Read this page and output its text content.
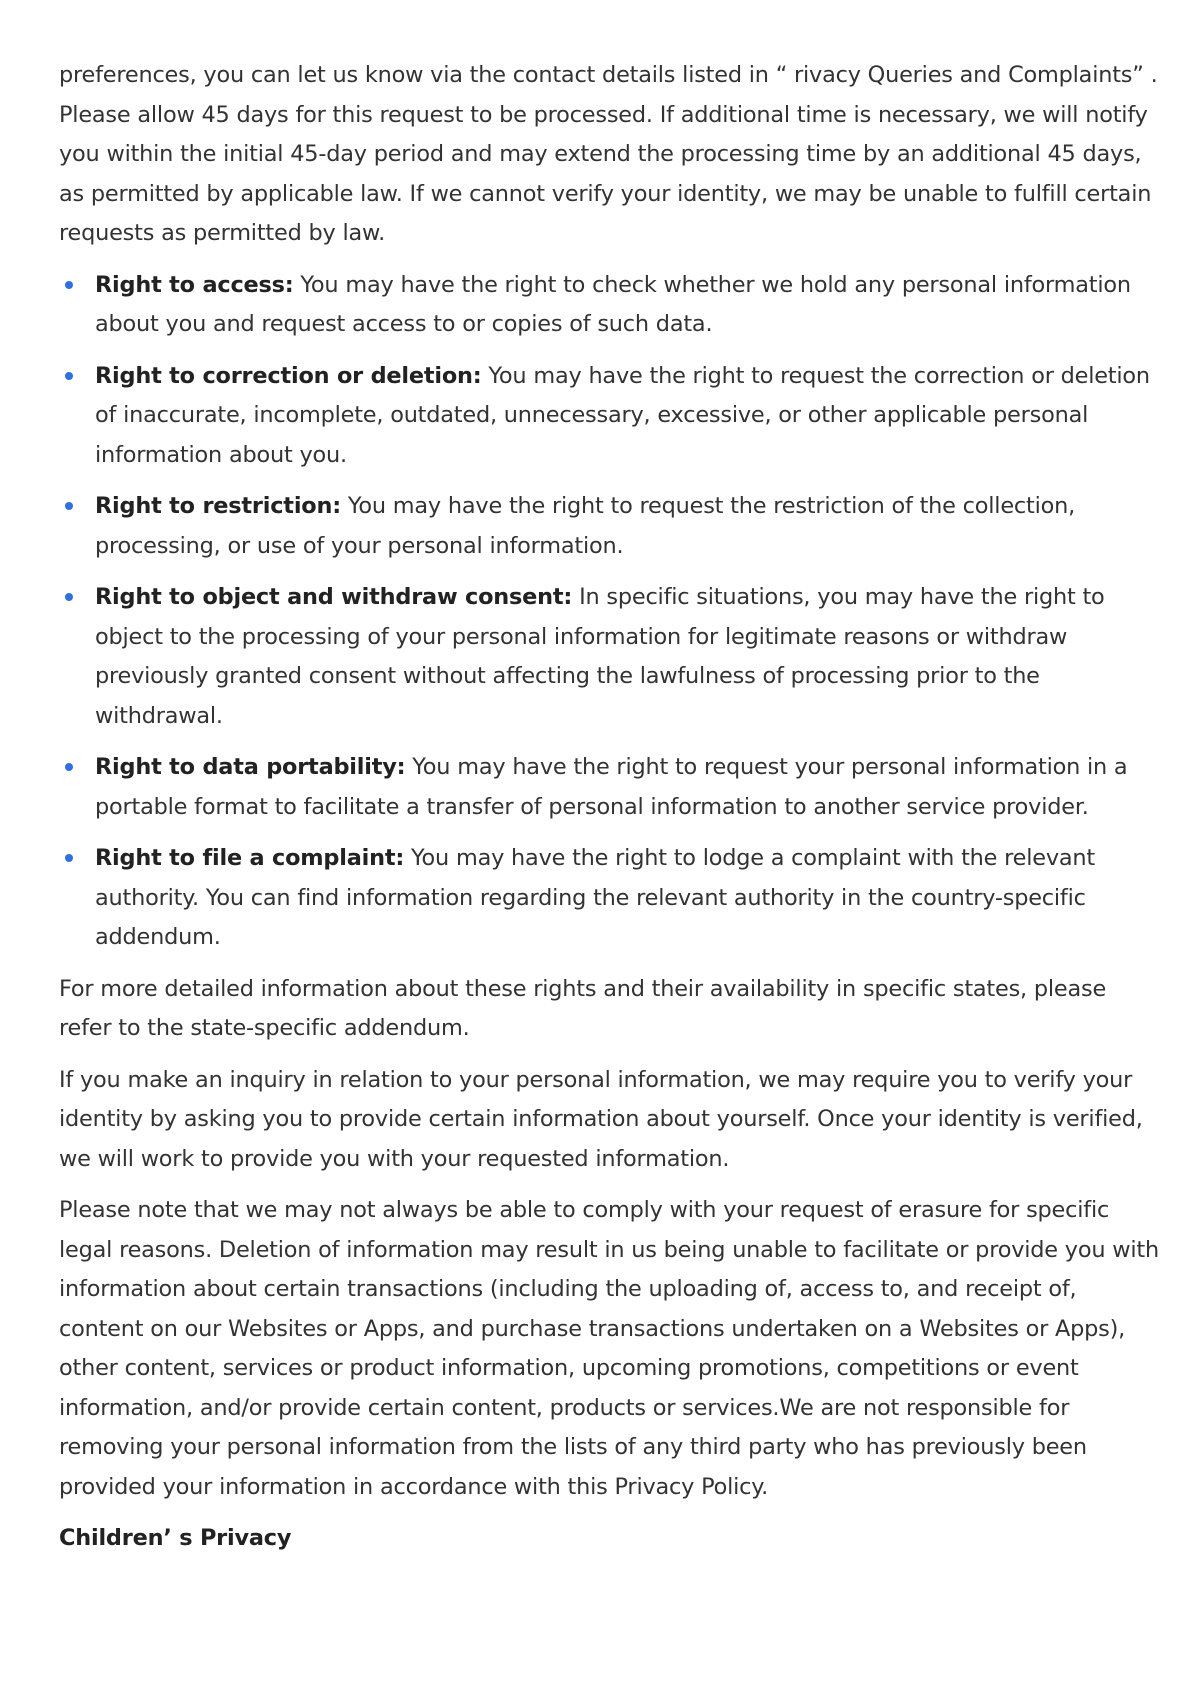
preferences, you can let us know via the contact details listed in “ rivacy Queries and Complaints” . Please allow 45 days for this request to be processed. If additional time is necessary, we will notify you within the initial 45-day period and may extend the processing time by an additional 45 days, as permitted by applicable law. If we cannot verify your identity, we may be unable to fulfill certain requests as permitted by law.

Right to access: You may have the right to check whether we hold any personal information about you and request access to or copies of such data.
Right to correction or deletion: You may have the right to request the correction or deletion of inaccurate, incomplete, outdated, unnecessary, excessive, or other applicable personal information about you.
Right to restriction: You may have the right to request the restriction of the collection, processing, or use of your personal information.
Right to object and withdraw consent: In specific situations, you may have the right to object to the processing of your personal information for legitimate reasons or withdraw previously granted consent without affecting the lawfulness of processing prior to the withdrawal.
Right to data portability: You may have the right to request your personal information in a portable format to facilitate a transfer of personal information to another service provider.
Right to file a complaint: You may have the right to lodge a complaint with the relevant authority. You can find information regarding the relevant authority in the country-specific addendum.

For more detailed information about these rights and their availability in specific states, please refer to the state-specific addendum.

If you make an inquiry in relation to your personal information, we may require you to verify your identity by asking you to provide certain information about yourself. Once your identity is verified, we will work to provide you with your requested information.

Please note that we may not always be able to comply with your request of erasure for specific legal reasons. Deletion of information may result in us being unable to facilitate or provide you with information about certain transactions (including the uploading of, access to, and receipt of, content on our Websites or Apps, and purchase transactions undertaken on a Websites or Apps), other content, services or product information, upcoming promotions, competitions or event information, and/or provide certain content, products or services.We are not responsible for removing your personal information from the lists of any third party who has previously been provided your information in accordance with this Privacy Policy.

Children’ s Privacy
